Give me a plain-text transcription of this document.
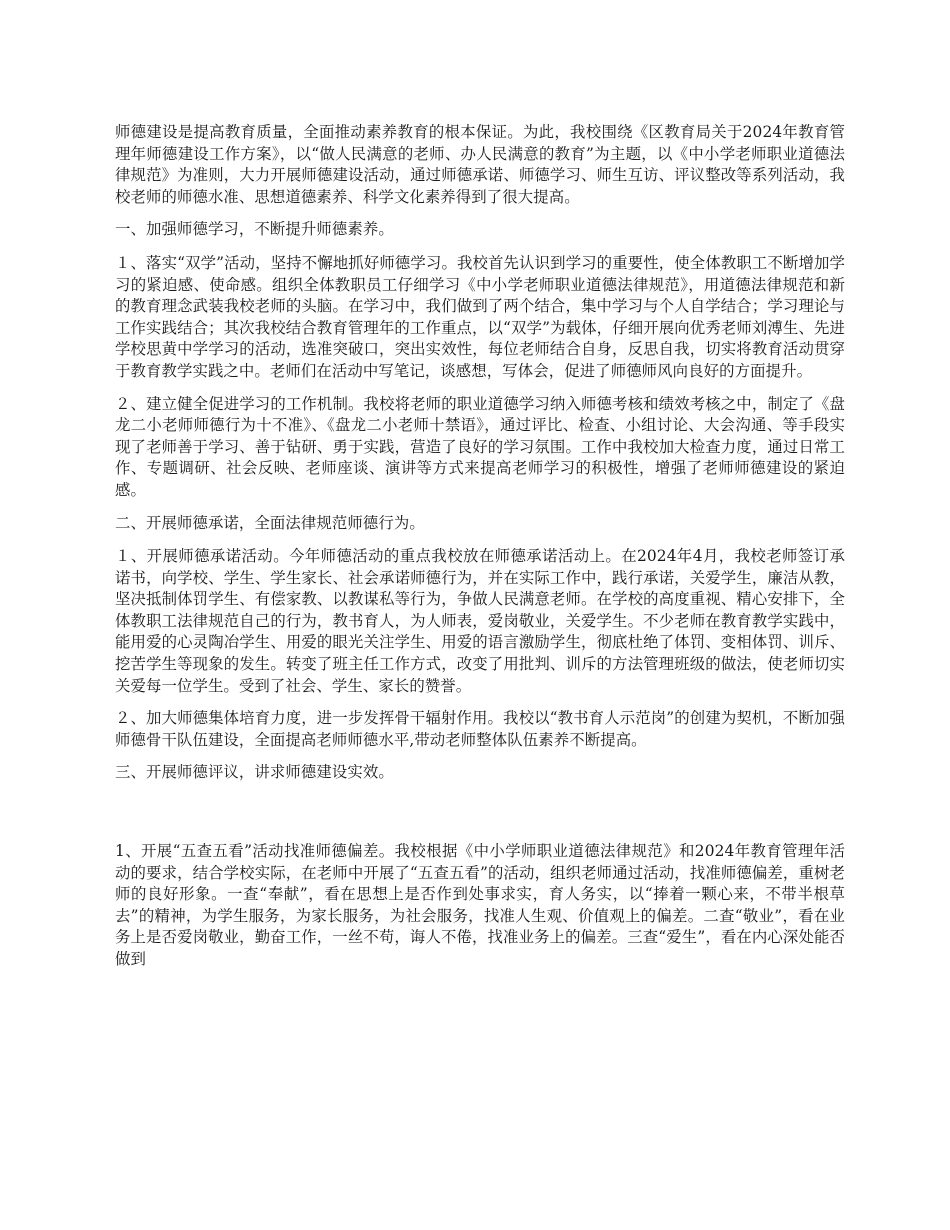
师德建设是提高教育质量，全面推动素养教育的根本保证。为此，我校围绕《区教育局关于2024年教育管理年师德建设工作方案》，以“做人民满意的老师、办人民满意的教育”为主题，以《中小学老师职业道德法律规范》为准则，大力开展师德建设活动，通过师德承诺、师德学习、师生互访、评议整改等系列活动，我校老师的师德水准、思想道德素养、科学文化素养得到了很大提高。

一、加强师德学习，不断提升师德素养。

１、落实“双学”活动，坚持不懈地抓好师德学习。我校首先认识到学习的重要性，使全体教职工不断增加学习的紧迫感、使命感。组织全体教职员工仔细学习《中小学老师职业道德法律规范》，用道德法律规范和新的教育理念武装我校老师的头脑。在学习中，我们做到了两个结合，集中学习与个人自学结合；学习理论与工作实践结合；其次我校结合教育管理年的工作重点，以“双学”为载体，仔细开展向优秀老师刘溥生、先进学校思黄中学学习的活动，选准突破口，突出实效性，每位老师结合自身，反思自我，切实将教育活动贯穿于教育教学实践之中。老师们在活动中写笔记，谈感想，写体会，促进了师德师风向良好的方面提升。

２、建立健全促进学习的工作机制。我校将老师的职业道德学习纳入师德考核和绩效考核之中，制定了《盘龙二小老师师德行为十不准》、《盘龙二小老师十禁语》，通过评比、检查、小组讨论、大会沟通、等手段实现了老师善于学习、善于钻研、勇于实践，营造了良好的学习氛围。工作中我校加大检查力度，通过日常工作、专题调研、社会反映、老师座谈、演讲等方式来提高老师学习的积极性，增强了老师师德建设的紧迫感。

二、开展师德承诺，全面法律规范师德行为。

１、开展师德承诺活动。今年师德活动的重点我校放在师德承诺活动上。在2024年4月，我校老师签订承诺书，向学校、学生、学生家长、社会承诺师德行为，并在实际工作中，践行承诺，关爱学生，廉洁从教，坚决抵制体罚学生、有偿家教、以教谋私等行为，争做人民满意老师。在学校的高度重视、精心安排下，全体教职工法律规范自己的行为，教书育人，为人师表，爱岗敬业，关爱学生。不少老师在教育教学实践中，能用爱的心灵陶冶学生、用爱的眼光关注学生、用爱的语言激励学生，彻底杜绝了体罚、变相体罚、训斥、挖苦学生等现象的发生。转变了班主任工作方式，改变了用批判、训斥的方法管理班级的做法，使老师切实关爱每一位学生。受到了社会、学生、家长的赞誉。

２、加大师德集体培育力度，进一步发挥骨干辐射作用。我校以“教书育人示范岗”的创建为契机，不断加强师德骨干队伍建设，全面提高老师师德水平,带动老师整体队伍素养不断提高。

三、开展师德评议，讲求师德建设实效。

1、开展“五查五看”活动找准师德偏差。我校根据《中小学师职业道德法律规范》和2024年教育管理年活动的要求，结合学校实际，在老师中开展了“五查五看”的活动，组织老师通过活动，找准师德偏差，重树老师的良好形象。一查“奉献”，看在思想上是否作到处事求实，育人务实，以“捧着一颗心来，不带半根草去”的精神，为学生服务，为家长服务，为社会服务，找准人生观、价值观上的偏差。二查“敬业”，看在业务上是否爱岗敬业，勤奋工作，一丝不苟，诲人不倦，找准业务上的偏差。三查“爱生”，看在内心深处能否做到
